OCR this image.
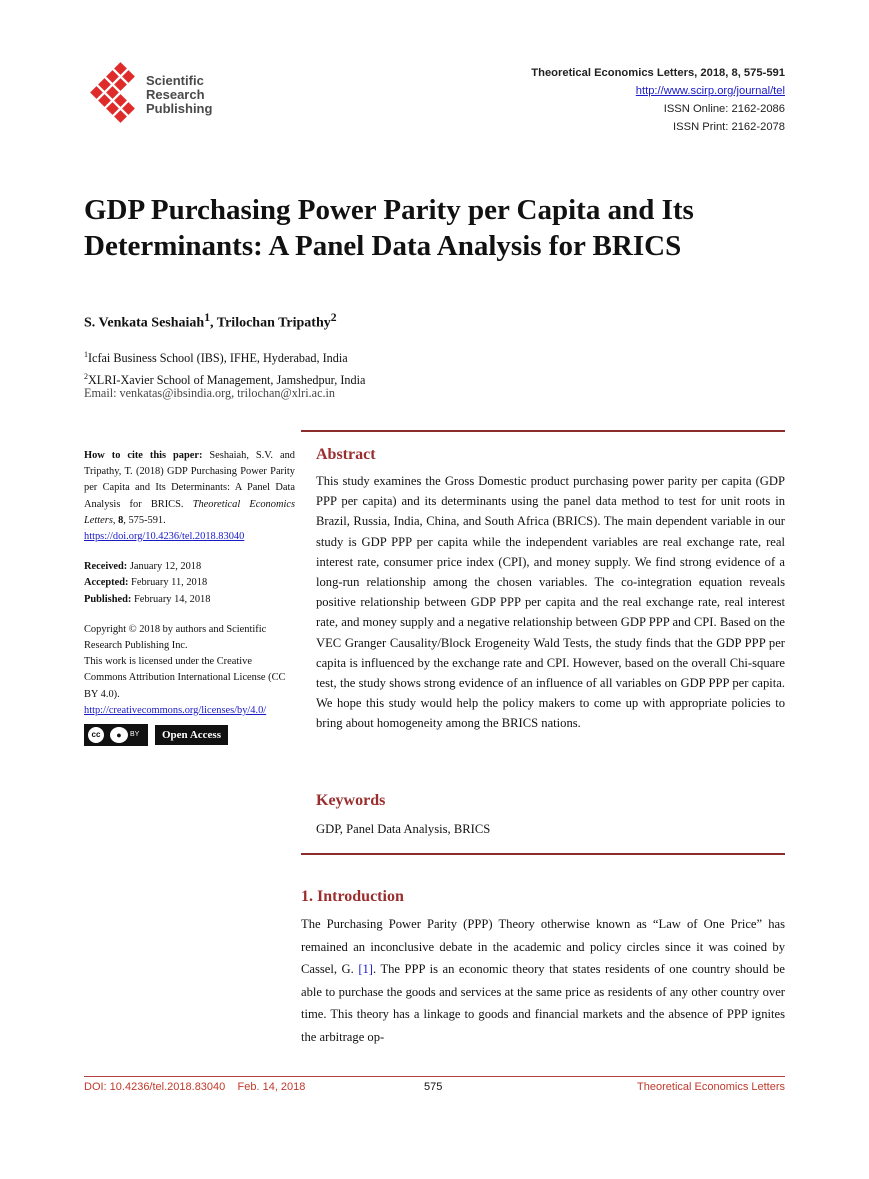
Scientific
Research
Publishing
Theoretical Economics Letters, 2018, 8, 575-591
http://www.scirp.org/journal/tel
ISSN Online: 2162-2086
ISSN Print: 2162-2078
GDP Purchasing Power Parity per Capita and Its
Determinants: A Panel Data Analysis for BRICS
S. Venkata Seshaiah$^1$, Trilochan Tripathy$^2$
$^1$Icfai Business School (IBS), IFHE, Hyderabad, India
$^2$XLRI-Xavier School of Management, Jamshedpur, India
Email: venkatas@ibsindia.org, trilochan@xlri.ac.in

How to cite this paper: Seshaiah, S.V. and Tripathy, T. (2018) GDP Purchasing Power Parity per Capita and Its Determinants: A Panel Data Analysis for BRICS. Theoretical Economics Letters, 8, 575-591.
https://doi.org/10.4236/tel.2018.83040

Received: January 12, 2018
Accepted: February 11, 2018
Published: February 14, 2018

Copyright © 2018 by authors and Scientific Research Publishing Inc.
This work is licensed under the Creative Commons Attribution International License (CC BY 4.0).
http://creativecommons.org/licenses/by/4.0/

cc	●	BY	Open Access
Abstract
This study examines the Gross Domestic product purchasing power parity per capita (GDP PPP per capita) and its determinants using the panel data method to test for unit roots in Brazil, Russia, India, China, and South Africa (BRICS). The main dependent variable in our study is GDP PPP per capita while the independent variables are real exchange rate, real interest rate, consumer price index (CPI), and money supply. We find strong evidence of a long-run relationship among the chosen variables. The co-integration equation reveals positive relationship between GDP PPP per capita and the real exchange rate, real interest rate, and money supply and a negative relationship between GDP PPP and CPI. Based on the VEC Granger Causality/Block Erogeneity Wald Tests, the study finds that the GDP PPP per capita is influenced by the exchange rate and CPI. However, based on the overall Chi-square test, the study shows strong evidence of an influence of all variables on GDP PPP per capita. We hope this study would help the policy makers to come up with appropriate policies to bring about homogeneity among the BRICS nations.
Keywords
GDP, Panel Data Analysis, BRICS
1. Introduction
The Purchasing Power Parity (PPP) Theory otherwise known as “Law of One Price” has remained an inconclusive debate in the academic and policy circles since it was coined by Cassel, G. [1]. The PPP is an economic theory that states residents of one country should be able to purchase the goods and services at the same price as residents of any other country over time. This theory has a linkage to goods and financial markets and the absence of PPP ignites the arbitrage op-
DOI: 10.4236/tel.2018.83040 Feb. 14, 2018	575	Theoretical Economics Letters
